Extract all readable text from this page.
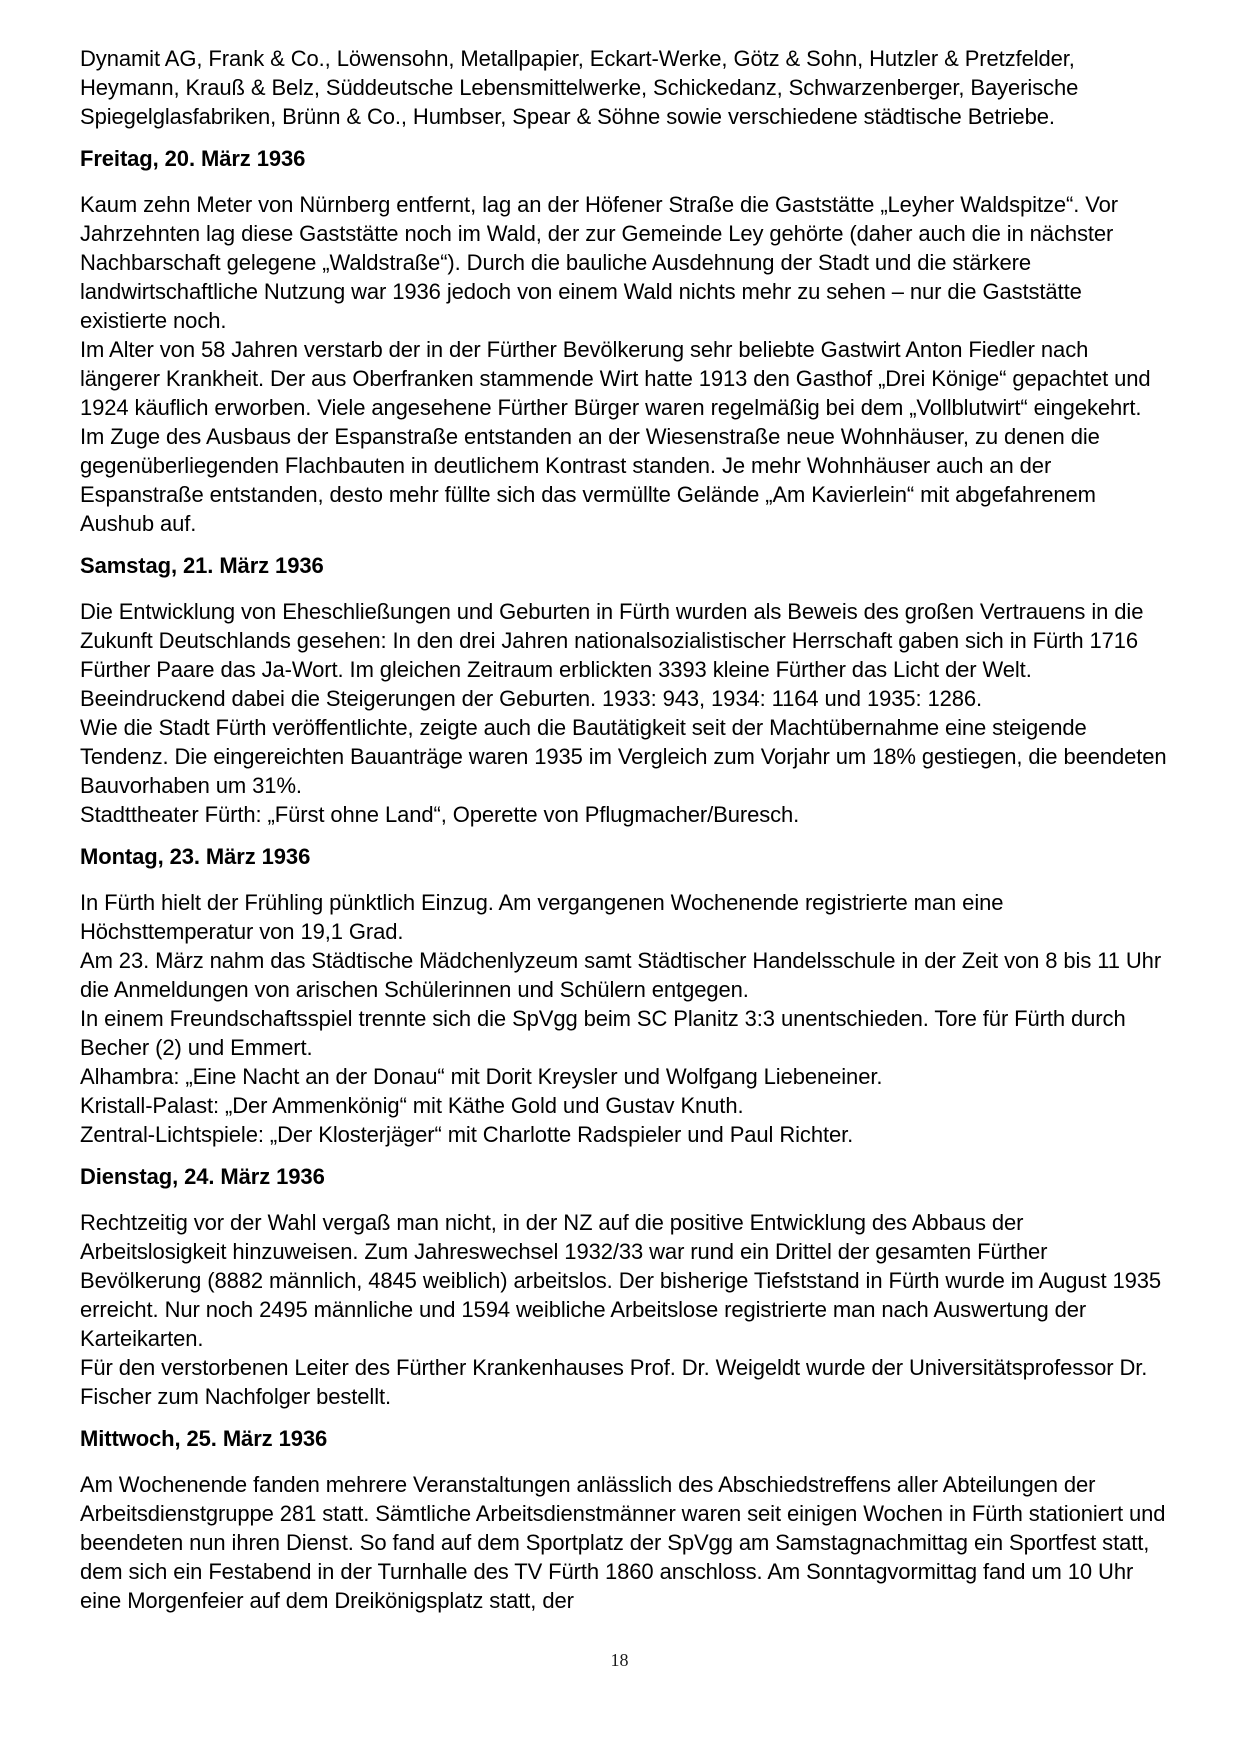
Dynamit AG, Frank & Co., Löwensohn, Metallpapier, Eckart-Werke, Götz & Sohn, Hutzler & Pretzfelder, Heymann, Krauß & Belz, Süddeutsche Lebensmittelwerke, Schickedanz, Schwarzenberger, Bayerische Spiegelglasfabriken, Brünn & Co., Humbser, Spear & Söhne sowie verschiedene städtische Betriebe.

Freitag, 20. März 1936

Kaum zehn Meter von Nürnberg entfernt, lag an der Höfener Straße die Gaststätte „Leyher Waldspitze“. Vor Jahrzehnten lag diese Gaststätte noch im Wald, der zur Gemeinde Ley gehörte (daher auch die in nächster Nachbarschaft gelegene „Waldstraße“). Durch die bauliche Ausdehnung der Stadt und die stärkere landwirtschaftliche Nutzung war 1936 jedoch von einem Wald nichts mehr zu sehen – nur die Gaststätte existierte noch.

Im Alter von 58 Jahren verstarb der in der Fürther Bevölkerung sehr beliebte Gastwirt Anton Fiedler nach längerer Krankheit. Der aus Oberfranken stammende Wirt hatte 1913 den Gasthof „Drei Könige“ gepachtet und 1924 käuflich erworben. Viele angesehene Fürther Bürger waren regelmäßig bei dem „Vollblutwirt“ eingekehrt.

Im Zuge des Ausbaus der Espanstraße entstanden an der Wiesenstraße neue Wohnhäuser, zu denen die gegenüberliegenden Flachbauten in deutlichem Kontrast standen. Je mehr Wohnhäuser auch an der Espanstraße entstanden, desto mehr füllte sich das vermüllte Gelände „Am Kavierlein“ mit abgefahrenem Aushub auf.

Samstag, 21. März 1936

Die Entwicklung von Eheschließungen und Geburten in Fürth wurden als Beweis des großen Vertrauens in die Zukunft Deutschlands gesehen: In den drei Jahren nationalsozialistischer Herrschaft gaben sich in Fürth 1716 Fürther Paare das Ja-Wort. Im gleichen Zeitraum erblickten 3393 kleine Fürther das Licht der Welt. Beeindruckend dabei die Steigerungen der Geburten. 1933: 943, 1934: 1164 und 1935: 1286.

Wie die Stadt Fürth veröffentlichte, zeigte auch die Bautätigkeit seit der Machtübernahme eine steigende Tendenz. Die eingereichten Bauanträge waren 1935 im Vergleich zum Vorjahr um 18% gestiegen, die beendeten Bauvorhaben um 31%.

Stadttheater Fürth: „Fürst ohne Land“, Operette von Pflugmacher/Buresch.

Montag, 23. März 1936

In Fürth hielt der Frühling pünktlich Einzug. Am vergangenen Wochenende registrierte man eine Höchsttemperatur von 19,1 Grad.

Am 23. März nahm das Städtische Mädchenlyzeum samt Städtischer Handelsschule in der Zeit von 8 bis 11 Uhr die Anmeldungen von arischen Schülerinnen und Schülern entgegen.

In einem Freundschaftsspiel trennte sich die SpVgg beim SC Planitz 3:3 unentschieden. Tore für Fürth durch Becher (2) und Emmert.

Alhambra: „Eine Nacht an der Donau“ mit Dorit Kreysler und Wolfgang Liebeneiner.

Kristall-Palast: „Der Ammenkönig“ mit Käthe Gold und Gustav Knuth.

Zentral-Lichtspiele: „Der Klosterjäger“ mit Charlotte Radspieler und Paul Richter.

Dienstag, 24. März 1936

Rechtzeitig vor der Wahl vergaß man nicht, in der NZ auf die positive Entwicklung des Abbaus der Arbeitslosigkeit hinzuweisen. Zum Jahreswechsel 1932/33 war rund ein Drittel der gesamten Fürther Bevölkerung (8882 männlich, 4845 weiblich) arbeitslos. Der bisherige Tiefststand in Fürth wurde im August 1935 erreicht. Nur noch 2495 männliche und 1594 weibliche Arbeitslose registrierte man nach Auswertung der Karteikarten.

Für den verstorbenen Leiter des Fürther Krankenhauses Prof. Dr. Weigeldt wurde der Universitätsprofessor Dr. Fischer zum Nachfolger bestellt.

Mittwoch, 25. März 1936

Am Wochenende fanden mehrere Veranstaltungen anlässlich des Abschiedstreffens aller Abteilungen der Arbeitsdienstgruppe 281 statt. Sämtliche Arbeitsdienstmänner waren seit einigen Wochen in Fürth stationiert und beendeten nun ihren Dienst. So fand auf dem Sportplatz der SpVgg am Samstagnachmittag ein Sportfest statt, dem sich ein Festabend in der Turnhalle des TV Fürth 1860 anschloss. Am Sonntagvormittag fand um 10 Uhr eine Morgenfeier auf dem Dreikönigsplatz statt, der

18
